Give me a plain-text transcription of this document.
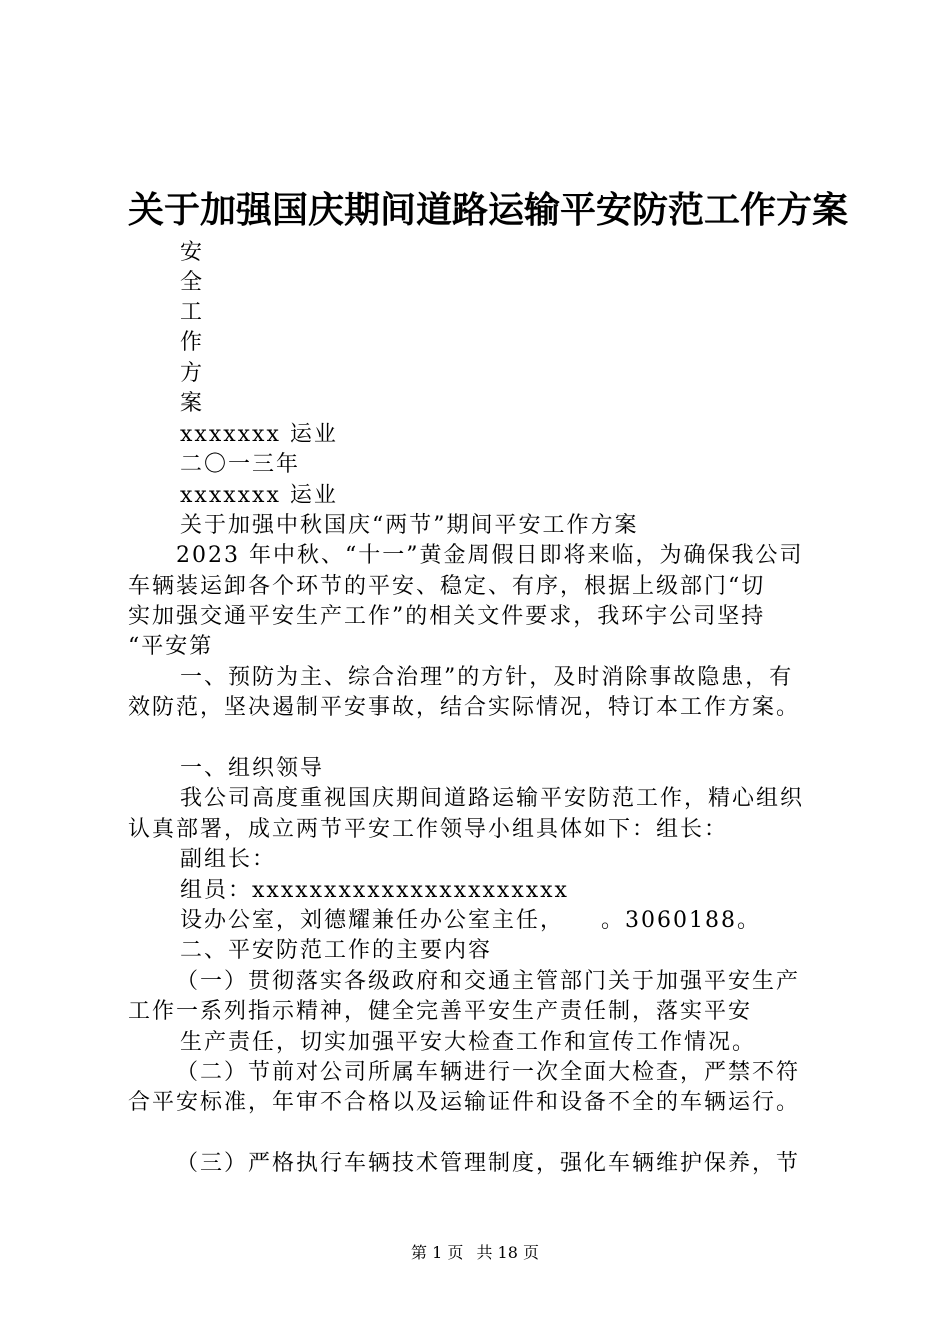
关于加强国庆期间道路运输平安防范工作方案
安
全
工
作
方
案
xxxxxxx 运业
二〇一三年
xxxxxxx 运业
关于加强中秋国庆“两节”期间平安工作方案
2023 年中秋、“十一”黄金周假日即将来临，为确保我公司
车辆装运卸各个环节的平安、稳定、有序，根据上级部门“切
实加强交通平安生产工作”的相关文件要求，我环宇公司坚持
“平安第
一、预防为主、综合治理”的方针，及时消除事故隐患，有
效防范，坚决遏制平安事故，结合实际情况，特订本工作方案。
一、组织领导
我公司高度重视国庆期间道路运输平安防范工作，精心组织
认真部署，成立两节平安工作领导小组具体如下：组长：
副组长：
组员：xxxxxxxxxxxxxxxxxxxxxx
设办公室，刘德耀兼任办公室主任，　　。3060188。
二、平安防范工作的主要内容
（一）贯彻落实各级政府和交通主管部门关于加强平安生产
工作一系列指示精神，健全完善平安生产责任制，落实平安
生产责任，切实加强平安大检查工作和宣传工作情况。
（二）节前对公司所属车辆进行一次全面大检查，严禁不符
合平安标准，年审不合格以及运输证件和设备不全的车辆运行。
（三）严格执行车辆技术管理制度，强化车辆维护保养，节
第 1 页 共 18 页
